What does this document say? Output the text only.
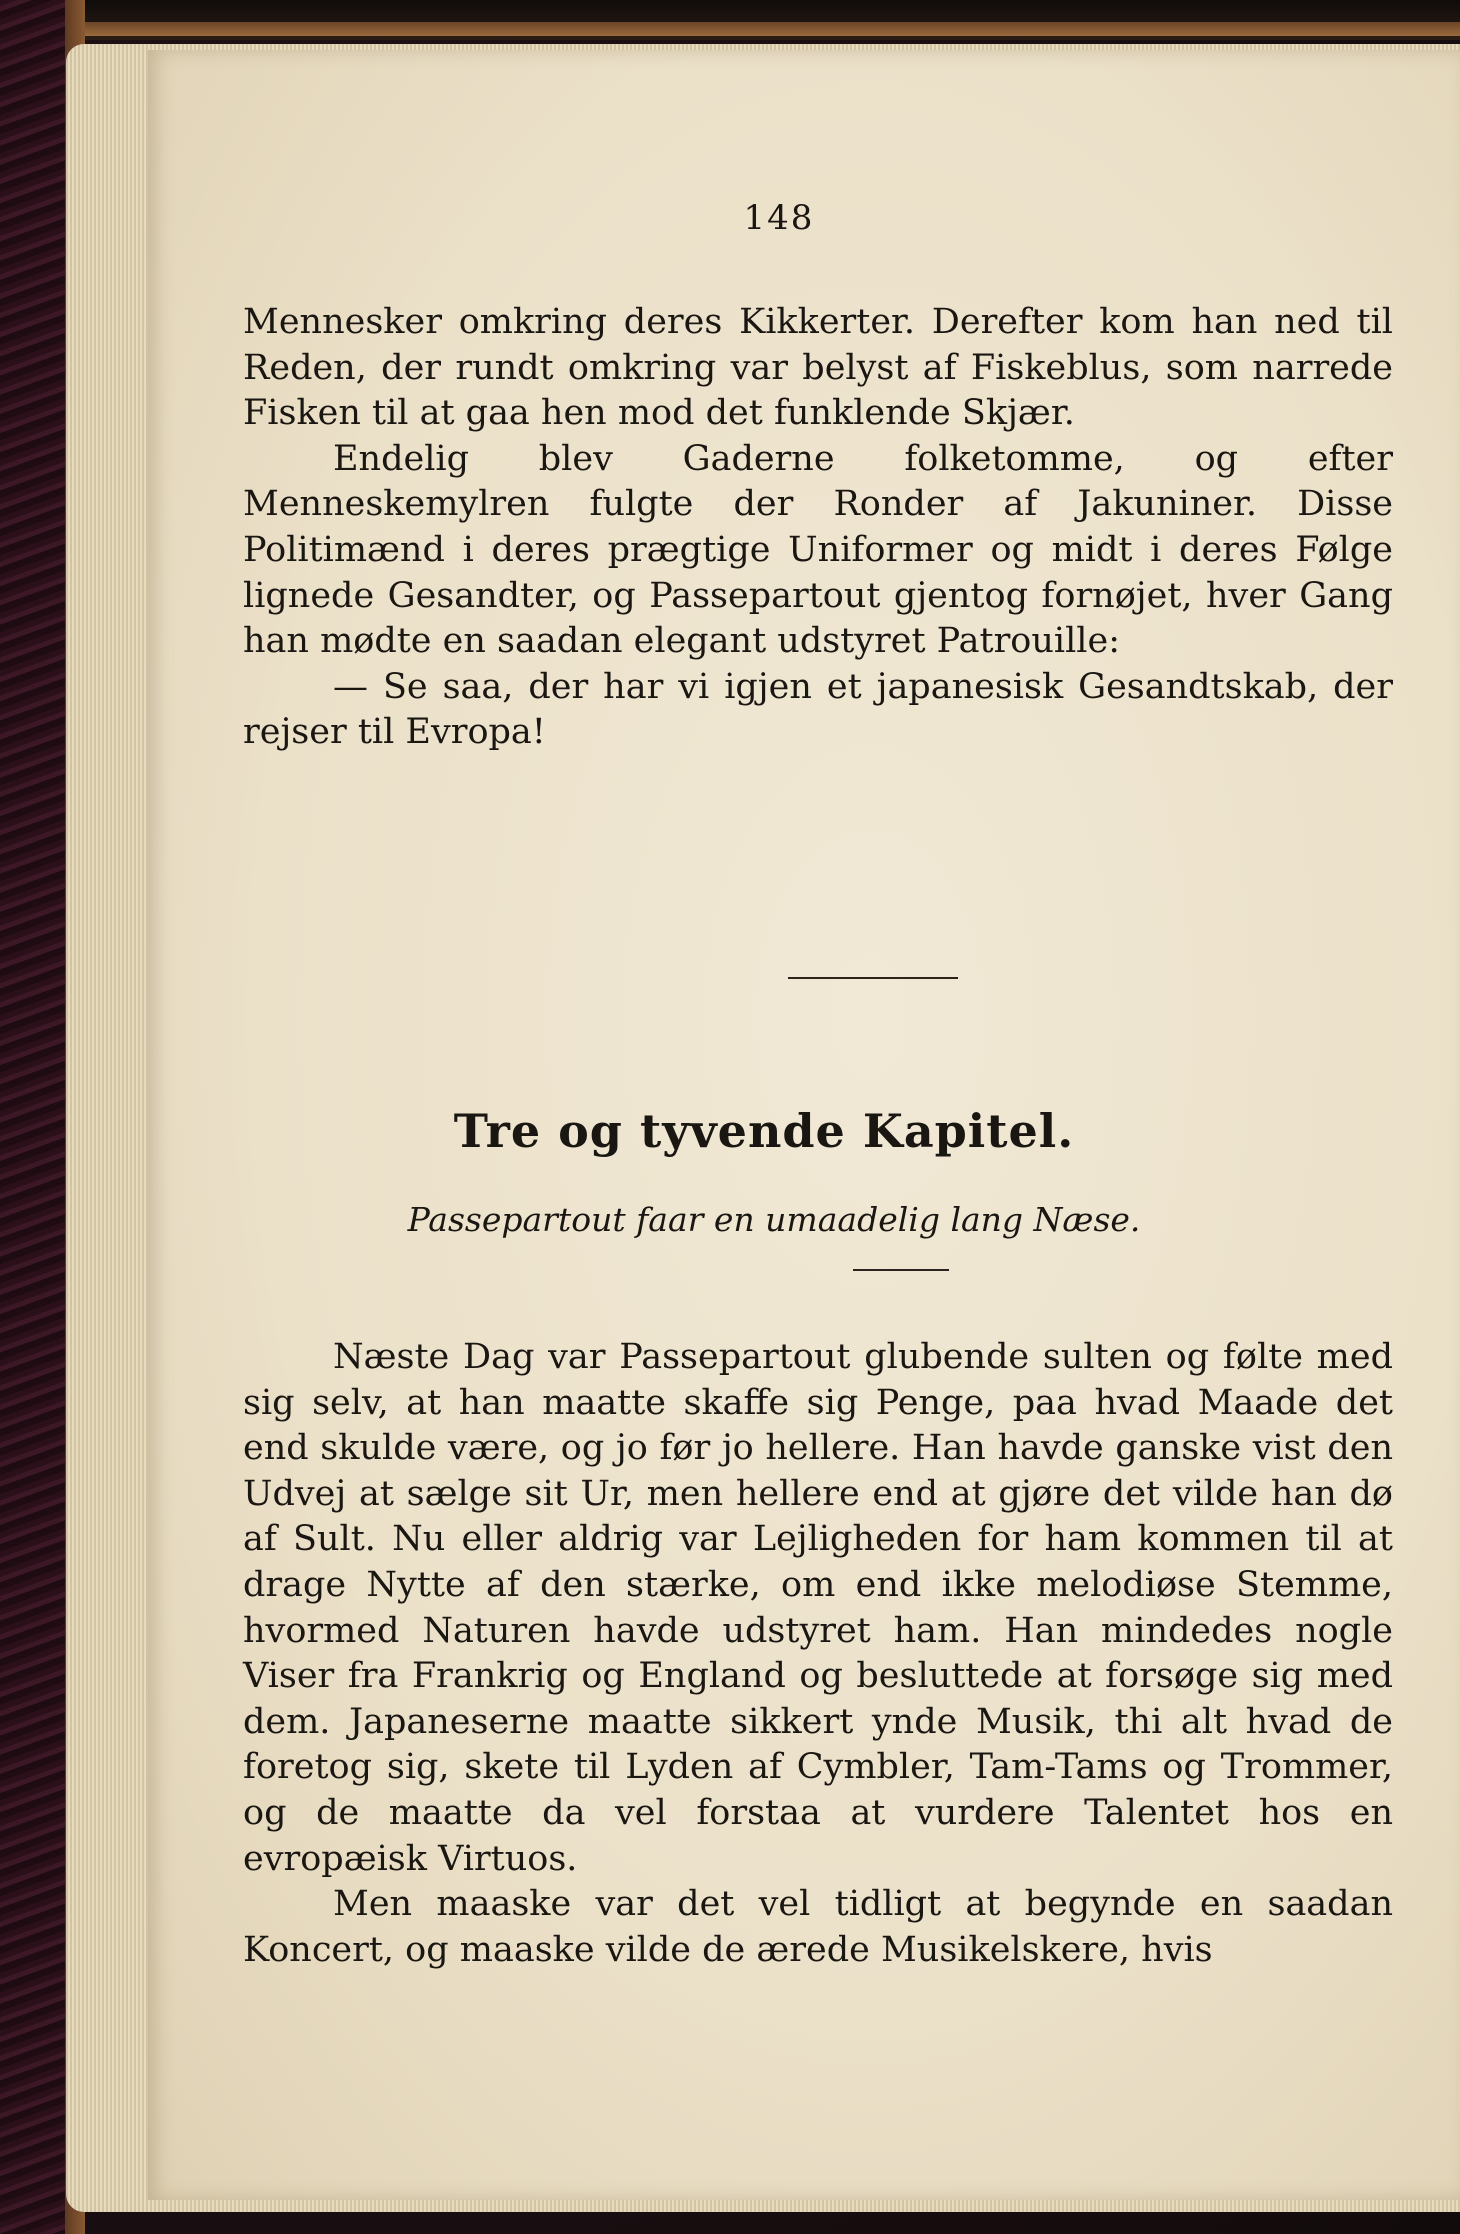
148

Mennesker omkring deres Kikkerter. Derefter kom han ned til Reden, der rundt omkring var belyst af Fiskeblus, som narrede Fisken til at gaa hen mod det funklende Skjær.

Endelig blev Gaderne folketomme, og efter Menneskemylren fulgte der Ronder af Jakuniner. Disse Politimænd i deres prægtige Uniformer og midt i deres Følge lignede Gesandter, og Passepartout gjentog fornøjet, hver Gang han mødte en saadan elegant udstyret Patrouille:

— Se saa, der har vi igjen et japanesisk Gesandtskab, der rejser til Evropa!

Tre og tyvende Kapitel.
Passepartout faar en umaadelig lang Næse.

Næste Dag var Passepartout glubende sulten og følte med sig selv, at han maatte skaffe sig Penge, paa hvad Maade det end skulde være, og jo før jo hellere. Han havde ganske vist den Udvej at sælge sit Ur, men hellere end at gjøre det vilde han dø af Sult. Nu eller aldrig var Lejligheden for ham kommen til at drage Nytte af den stærke, om end ikke melodiøse Stemme, hvormed Naturen havde udstyret ham. Han mindedes nogle Viser fra Frankrig og England og besluttede at forsøge sig med dem. Japaneserne maatte sikkert ynde Musik, thi alt hvad de foretog sig, skete til Lyden af Cymbler, Tam-Tams og Trommer, og de maatte da vel forstaa at vurdere Talentet hos en evropæisk Virtuos.

Men maaske var det vel tidligt at begynde en saadan Koncert, og maaske vilde de ærede Musikelskere, hvis
